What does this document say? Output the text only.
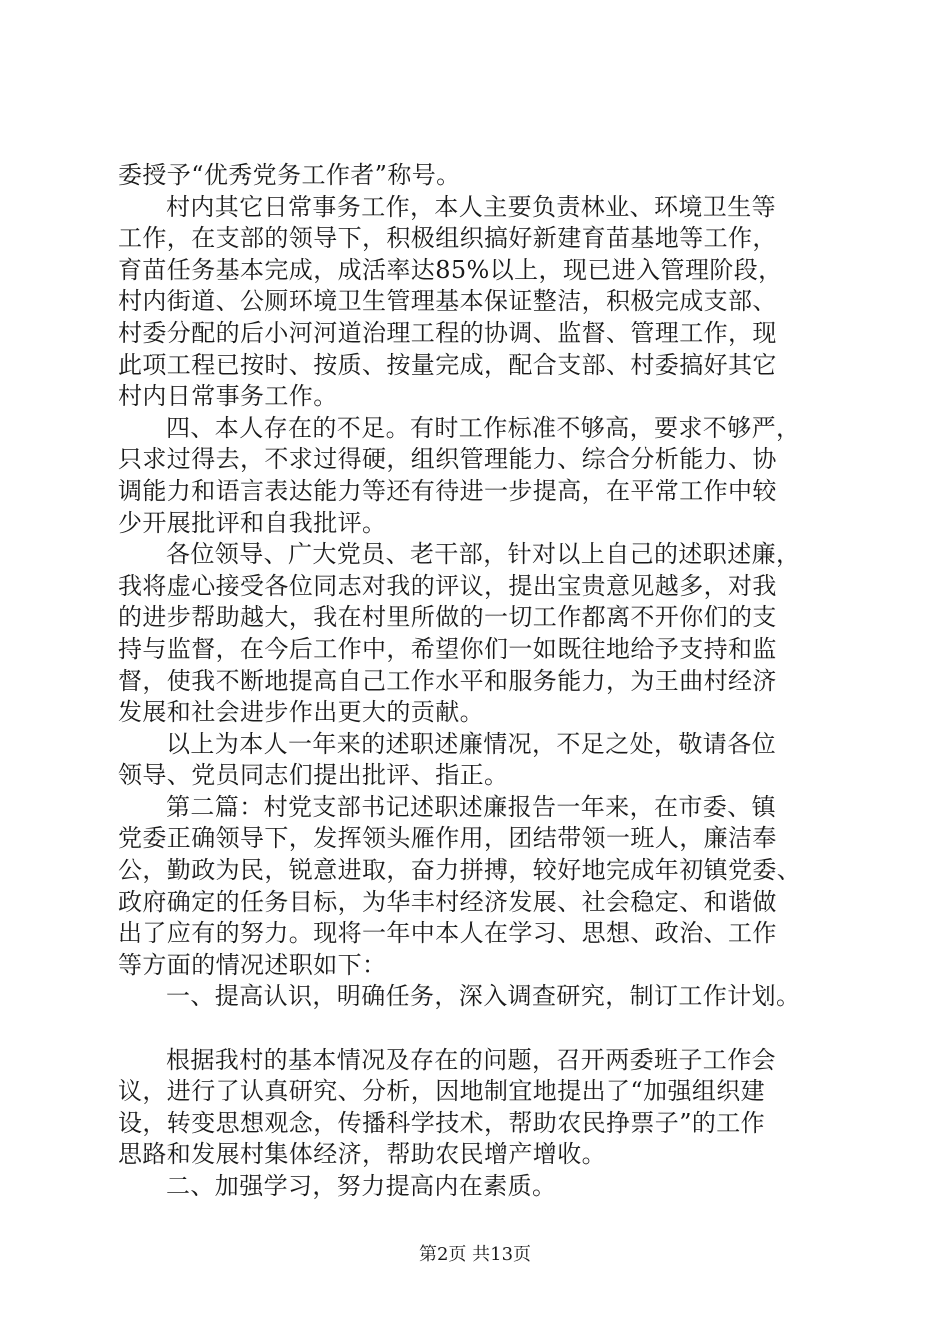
委授予“优秀党务工作者”称号。
村内其它日常事务工作，本人主要负责林业、环境卫生等
工作，在支部的领导下，积极组织搞好新建育苗基地等工作，
育苗任务基本完成，成活率达85%以上，现已进入管理阶段，
村内街道、公厕环境卫生管理基本保证整洁，积极完成支部、
村委分配的后小河河道治理工程的协调、监督、管理工作，现
此项工程已按时、按质、按量完成，配合支部、村委搞好其它
村内日常事务工作。
四、本人存在的不足。有时工作标准不够高，要求不够严，
只求过得去，不求过得硬，组织管理能力、综合分析能力、协
调能力和语言表达能力等还有待进一步提高，在平常工作中较
少开展批评和自我批评。
各位领导、广大党员、老干部，针对以上自己的述职述廉，
我将虚心接受各位同志对我的评议，提出宝贵意见越多，对我
的进步帮助越大，我在村里所做的一切工作都离不开你们的支
持与监督，在今后工作中，希望你们一如既往地给予支持和监
督，使我不断地提高自己工作水平和服务能力，为王曲村经济
发展和社会进步作出更大的贡献。
以上为本人一年来的述职述廉情况，不足之处，敬请各位
领导、党员同志们提出批评、指正。
第二篇：村党支部书记述职述廉报告一年来，在市委、镇
党委正确领导下，发挥领头雁作用，团结带领一班人，廉洁奉
公，勤政为民，锐意进取，奋力拼搏，较好地完成年初镇党委、
政府确定的任务目标，为华丰村经济发展、社会稳定、和谐做
出了应有的努力。现将一年中本人在学习、思想、政治、工作
等方面的情况述职如下：
一、提高认识，明确任务，深入调查研究，制订工作计划。
根据我村的基本情况及存在的问题，召开两委班子工作会
议，进行了认真研究、分析，因地制宜地提出了“加强组织建
设，转变思想观念，传播科学技术，帮助农民挣票子”的工作
思路和发展村集体经济，帮助农民增产增收。
二、加强学习，努力提高内在素质。
第2页 共13页
